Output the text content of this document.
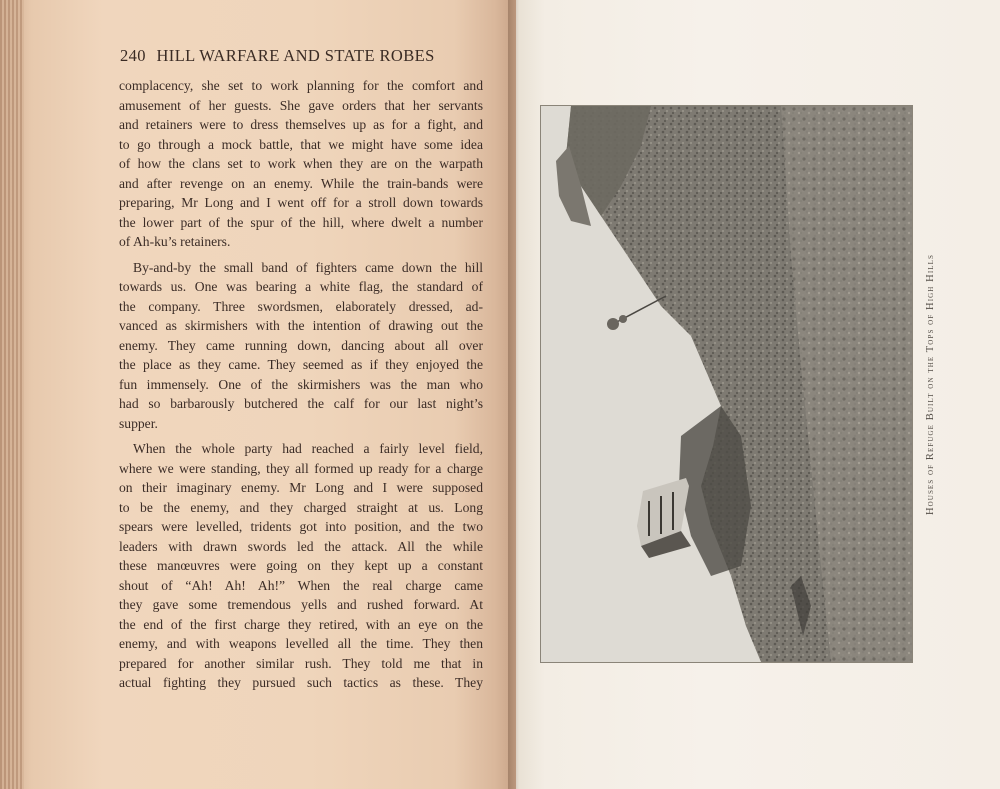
240 HILL WARFARE AND STATE ROBES
complacency, she set to work planning for the comfort and
amusement of her guests. She gave orders that her servants
and retainers were to dress themselves up as for a fight, and
to go through a mock battle, that we might have some idea
of how the clans set to work when they are on the warpath
and after revenge on an enemy. While the train-bands were
preparing, Mr Long and I went off for a stroll down towards
the lower part of the spur of the hill, where dwelt a number
of Ah-ku’s retainers.
By-and-by the small band of fighters came down the hill
towards us. One was bearing a white flag, the standard of
the company. Three swordsmen, elaborately dressed, ad-
vanced as skirmishers with the intention of drawing out the
enemy. They came running down, dancing about all over
the place as they came. They seemed as if they enjoyed the
fun immensely. One of the skirmishers was the man who
had so barbarously butchered the calf for our last night’s
supper.
When the whole party had reached a fairly level field,
where we were standing, they all formed up ready for a charge
on their imaginary enemy. Mr Long and I were supposed
to be the enemy, and they charged straight at us. Long
spears were levelled, tridents got into position, and the two
leaders with drawn swords led the attack. All the while
these manœuvres were going on they kept up a constant
shout of “Ah! Ah! Ah!” When the real charge came
they gave some tremendous yells and rushed forward. At
the end of the first charge they retired, with an eye on the
enemy, and with weapons levelled all the time. They then
prepared for another similar rush. They told me that in
actual fighting they pursued such tactics as these. They
Houses of Refuge Built on the Tops of High Hills
